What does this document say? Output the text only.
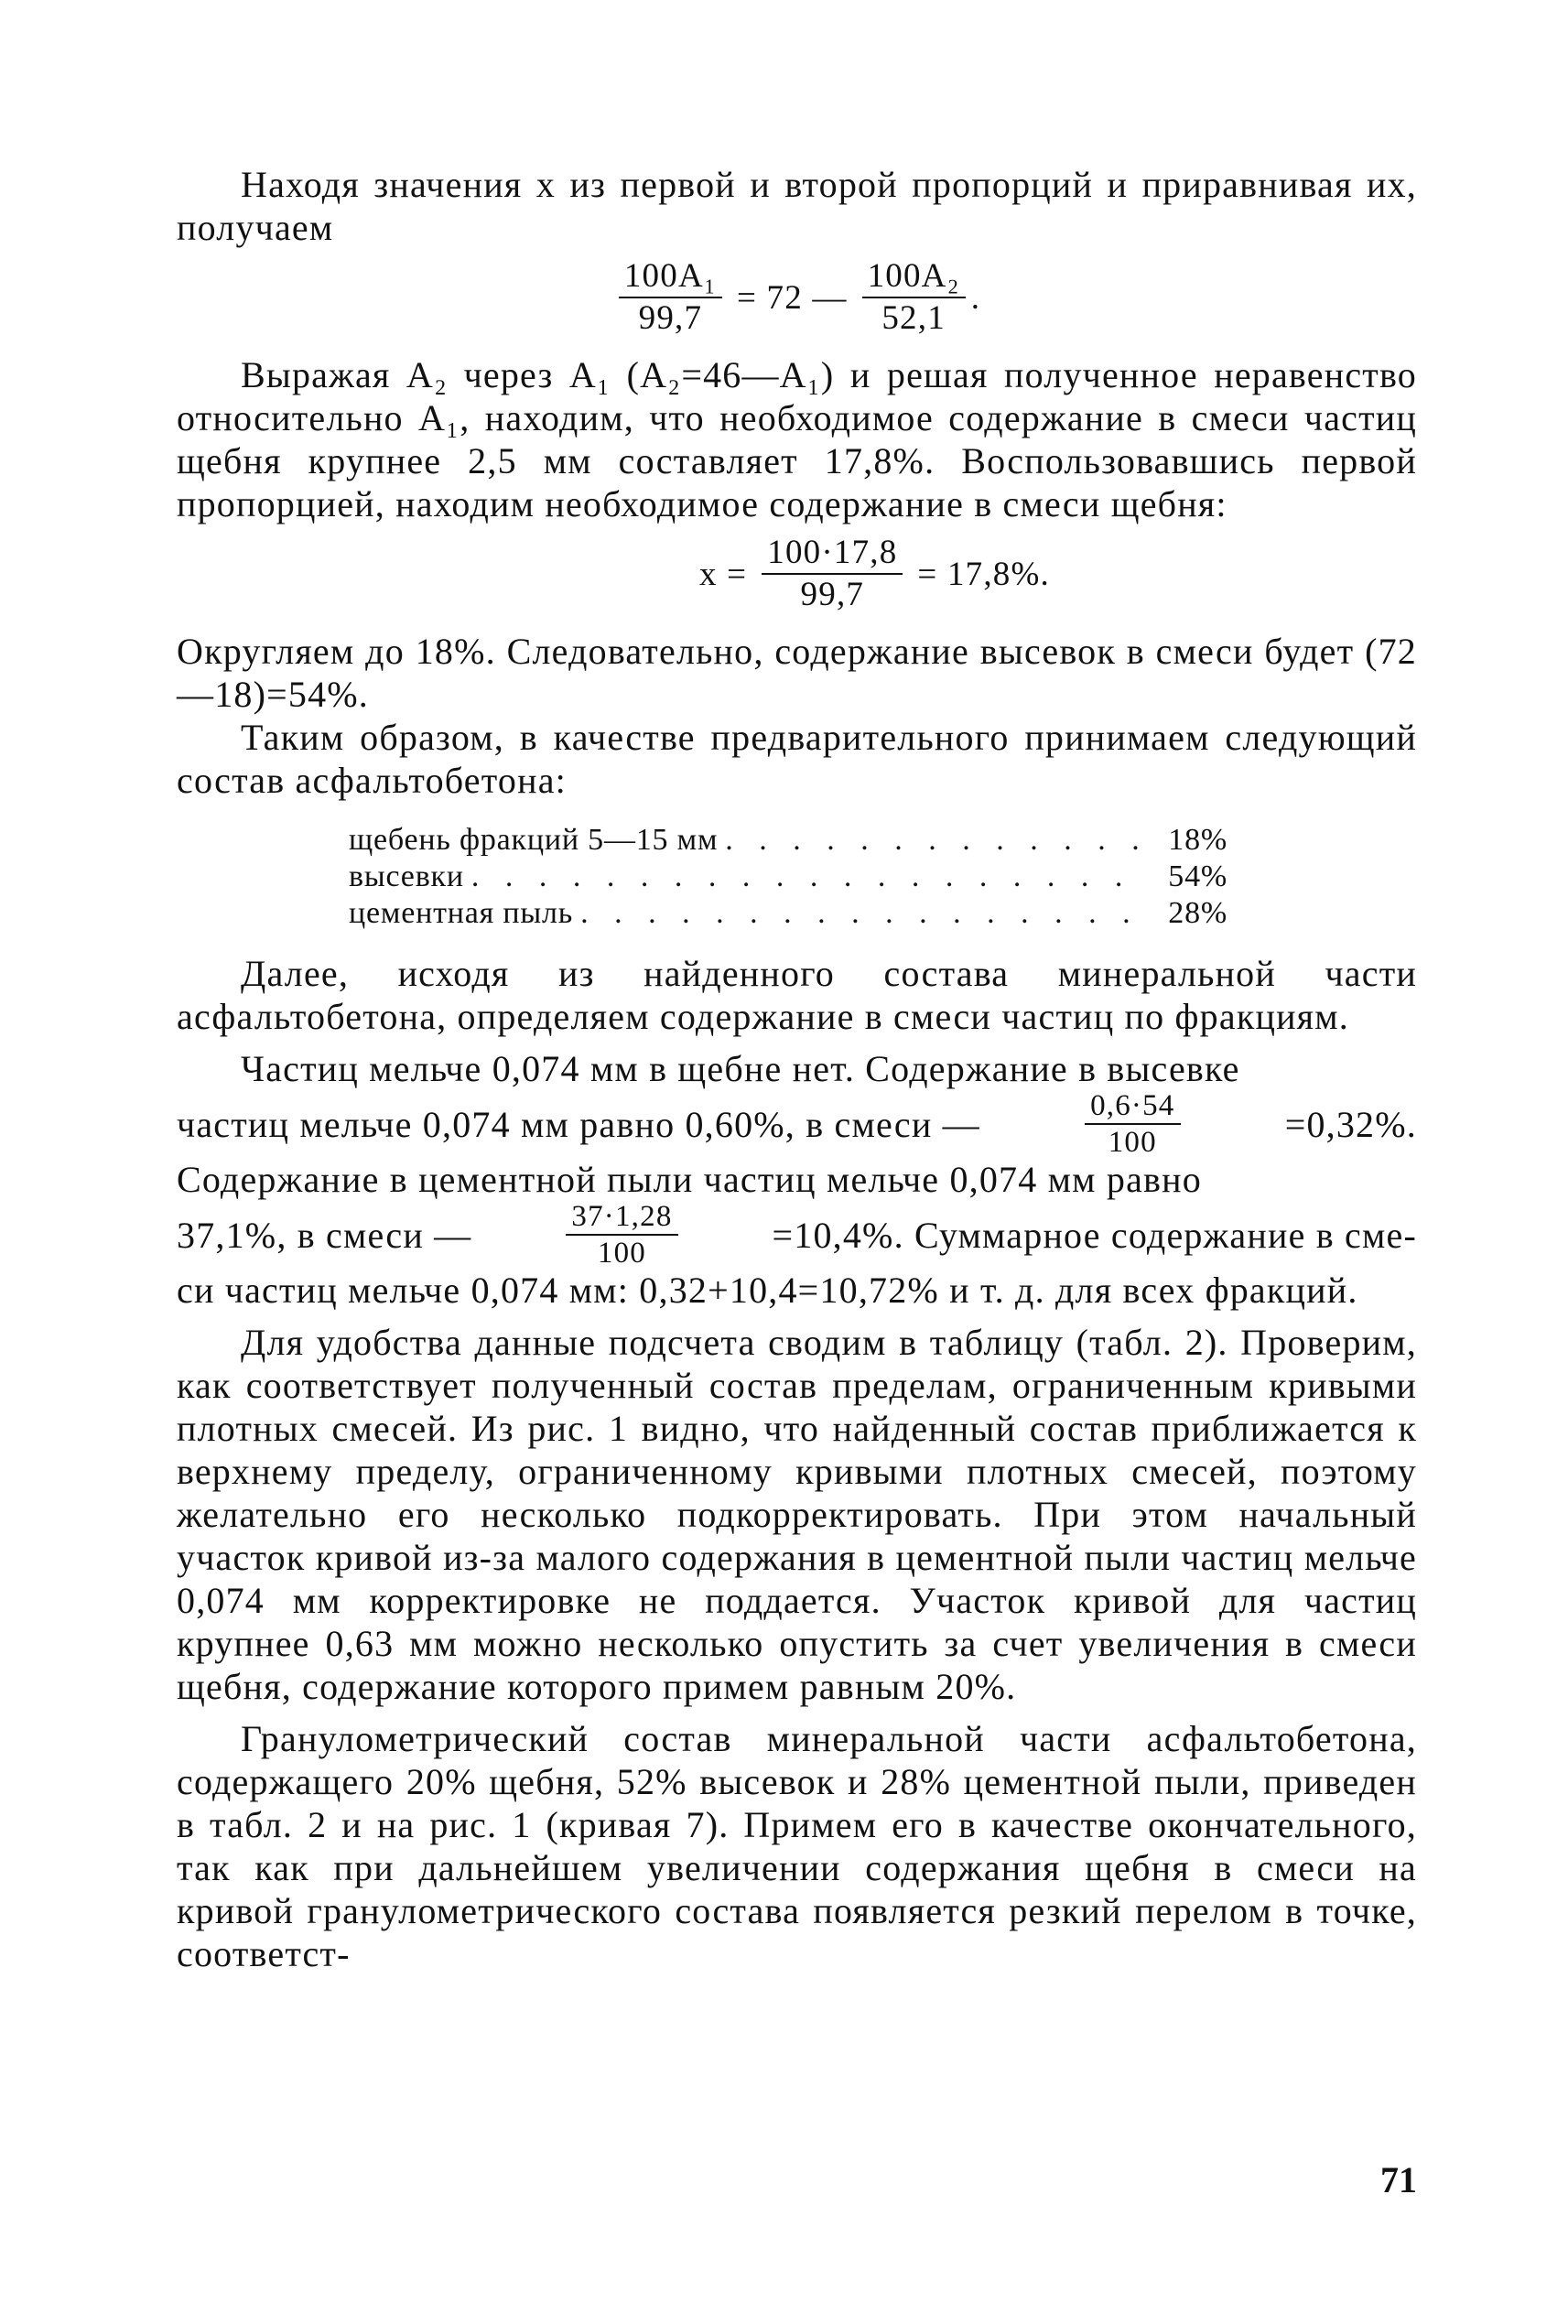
Находя значения x из первой и второй пропорций и приравнивая их, получаем

$\frac{\text{100A₁}}{99,7} = 72$ — $\frac{\text{100A₂}}{52,1}$ .

Выражая A₂ через A₁ (A₂=46—A₁) и решая полученное неравенство относительно A₁, находим, что необходимое содержание в смеси частиц щебня крупнее 2,5 мм составляет 17,8%. Воспользовавшись первой пропорцией, находим необходимое содержание в смеси щебня:

$x = \frac{100\cdot 17,8}{99,7} = 17,8\%$.

Округляем до 18%. Следовательно, содержание высевок в смеси будет (72—18)=54%.

Таким образом, в качестве предварительного принимаем следующий состав асфальтобетона:

щебень фракций 5—15 мм . . .	18%
высевки . . .	54%
цементная пыль . . .	28%

Далее, исходя из найденного состава минеральной части асфальтобетона, определяем содержание в смеси частиц по фракциям.

Частиц мельче 0,074 мм в щебне нет. Содержание в высевке

частиц мельче 0,074 мм равно 0,60%, в смеси —	$\frac{0,6\cdot 54}{100}$	=0,32%.

Содержание в цементной пыли частиц мельче 0,074 мм равно

37,1%, в смеси —	$\frac{37\cdot 1,28}{100}$	=10,4%. Суммарное содержание в сме-

си частиц мельче 0,074 мм: 0,32+10,4=10,72% и т. д. для всех фракций.

Для удобства данные подсчета сводим в таблицу (табл. 2). Проверим, как соответствует полученный состав пределам, ограниченным кривыми плотных смесей. Из рис. 1 видно, что найденный состав приближается к верхнему пределу, ограниченному кривыми плотных смесей, поэтому желательно его несколько подкорректировать. При этом начальный участок кривой из-за малого содержания в цементной пыли частиц мельче 0,074 мм корректировке не поддается. Участок кривой для частиц крупнее 0,63 мм можно несколько опустить за счет увеличения в смеси щебня, содержание которого примем равным 20%.

Гранулометрический состав минеральной части асфальтобетона, содержащего 20% щебня, 52% высевок и 28% цементной пыли, приведен в табл. 2 и на рис. 1 (кривая 7). Примем его в качестве окончательного, так как при дальнейшем увеличении содержания щебня в смеси на кривой гранулометрического состава появляется резкий перелом в точке, соответст-

71
